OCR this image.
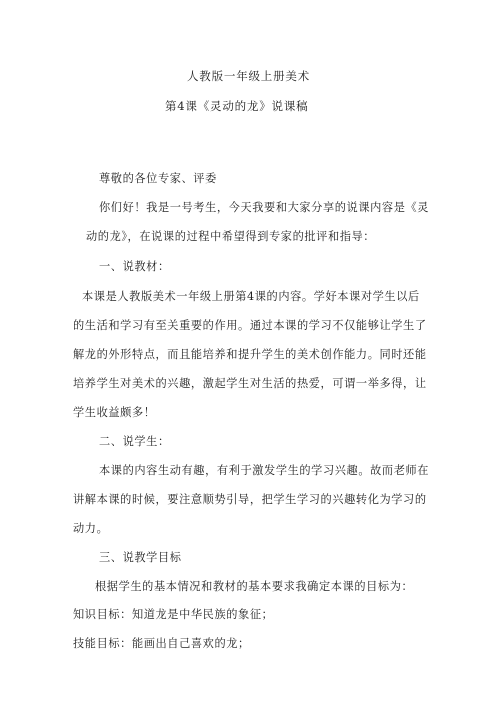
人教版一年级上册美术
第4课《灵动的龙》说课稿
尊敬的各位专家、评委
你们好！我是一号考生，今天我要和大家分享的说课内容是《灵
动的龙》，在说课的过程中希望得到专家的批评和指导：
一、说教材：
本课是人教版美术一年级上册第4课的内容。学好本课对学生以后
的生活和学习有至关重要的作用。通过本课的学习不仅能够让学生了
解龙的外形特点，而且能培养和提升学生的美术创作能力。同时还能
培养学生对美术的兴趣，激起学生对生活的热爱，可谓一举多得，让
学生收益颇多！
二、说学生：
本课的内容生动有趣，有利于激发学生的学习兴趣。故而老师在
讲解本课的时候，要注意顺势引导，把学生学习的兴趣转化为学习的
动力。
三、说教学目标
根据学生的基本情况和教材的基本要求我确定本课的目标为：
知识目标：知道龙是中华民族的象征；
技能目标：能画出自己喜欢的龙；
